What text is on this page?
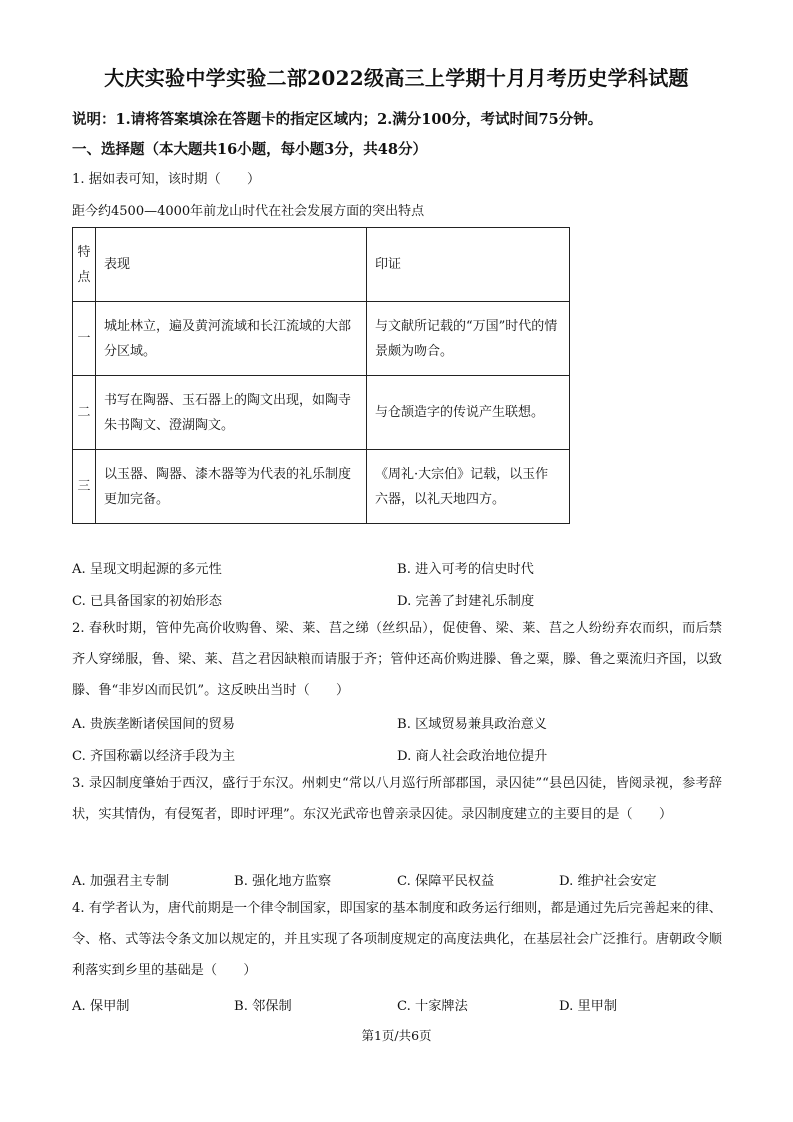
大庆实验中学实验二部2022级高三上学期十月月考历史学科试题
说明：1.请将答案填涂在答题卡的指定区域内；2.满分100分，考试时间75分钟。
一、选择题（本大题共16小题，每小题3分，共48分）
1. 据如表可知，该时期（　　）
距今约4500—4000年前龙山时代在社会发展方面的突出特点
特点	表现	印证
一	城址林立，遍及黄河流域和长江流域的大部分区域。	与文献所记载的“万国”时代的情景颇为吻合。
二	书写在陶器、玉石器上的陶文出现，如陶寺朱书陶文、澄湖陶文。	与仓颉造字的传说产生联想。
三	以玉器、陶器、漆木器等为代表的礼乐制度更加完备。	《周礼·大宗伯》记载，以玉作六器，以礼天地四方。
A. 呈现文明起源的多元性	B. 进入可考的信史时代
C. 已具备国家的初始形态	D. 完善了封建礼乐制度
2. 春秋时期，管仲先高价收购鲁、梁、莱、莒之绨（丝织品），促使鲁、梁、莱、莒之人纷纷弃农而织，而后禁齐人穿绨服，鲁、梁、莱、莒之君因缺粮而请服于齐；管仲还高价购进滕、鲁之粟，滕、鲁之粟流归齐国，以致滕、鲁“非岁凶而民饥”。这反映出当时（　　）
A. 贵族垄断诸侯国间的贸易	B. 区域贸易兼具政治意义
C. 齐国称霸以经济手段为主	D. 商人社会政治地位提升
3. 录囚制度肇始于西汉，盛行于东汉。州刺史“常以八月巡行所部郡国，录囚徒”“县邑囚徒，皆阅录视，参考辞状，实其情伪，有侵冤者，即时评理”。东汉光武帝也曾亲录囚徒。录囚制度建立的主要目的是（　　）
A. 加强君主专制	B. 强化地方监察	C. 保障平民权益	D. 维护社会安定
4. 有学者认为，唐代前期是一个律令制国家，即国家的基本制度和政务运行细则，都是通过先后完善起来的律、令、格、式等法令条文加以规定的，并且实现了各项制度规定的高度法典化，在基层社会广泛推行。唐朝政令顺利落实到乡里的基础是（　　）
A. 保甲制	B. 邻保制	C. 十家牌法	D. 里甲制
第1页/共6页
